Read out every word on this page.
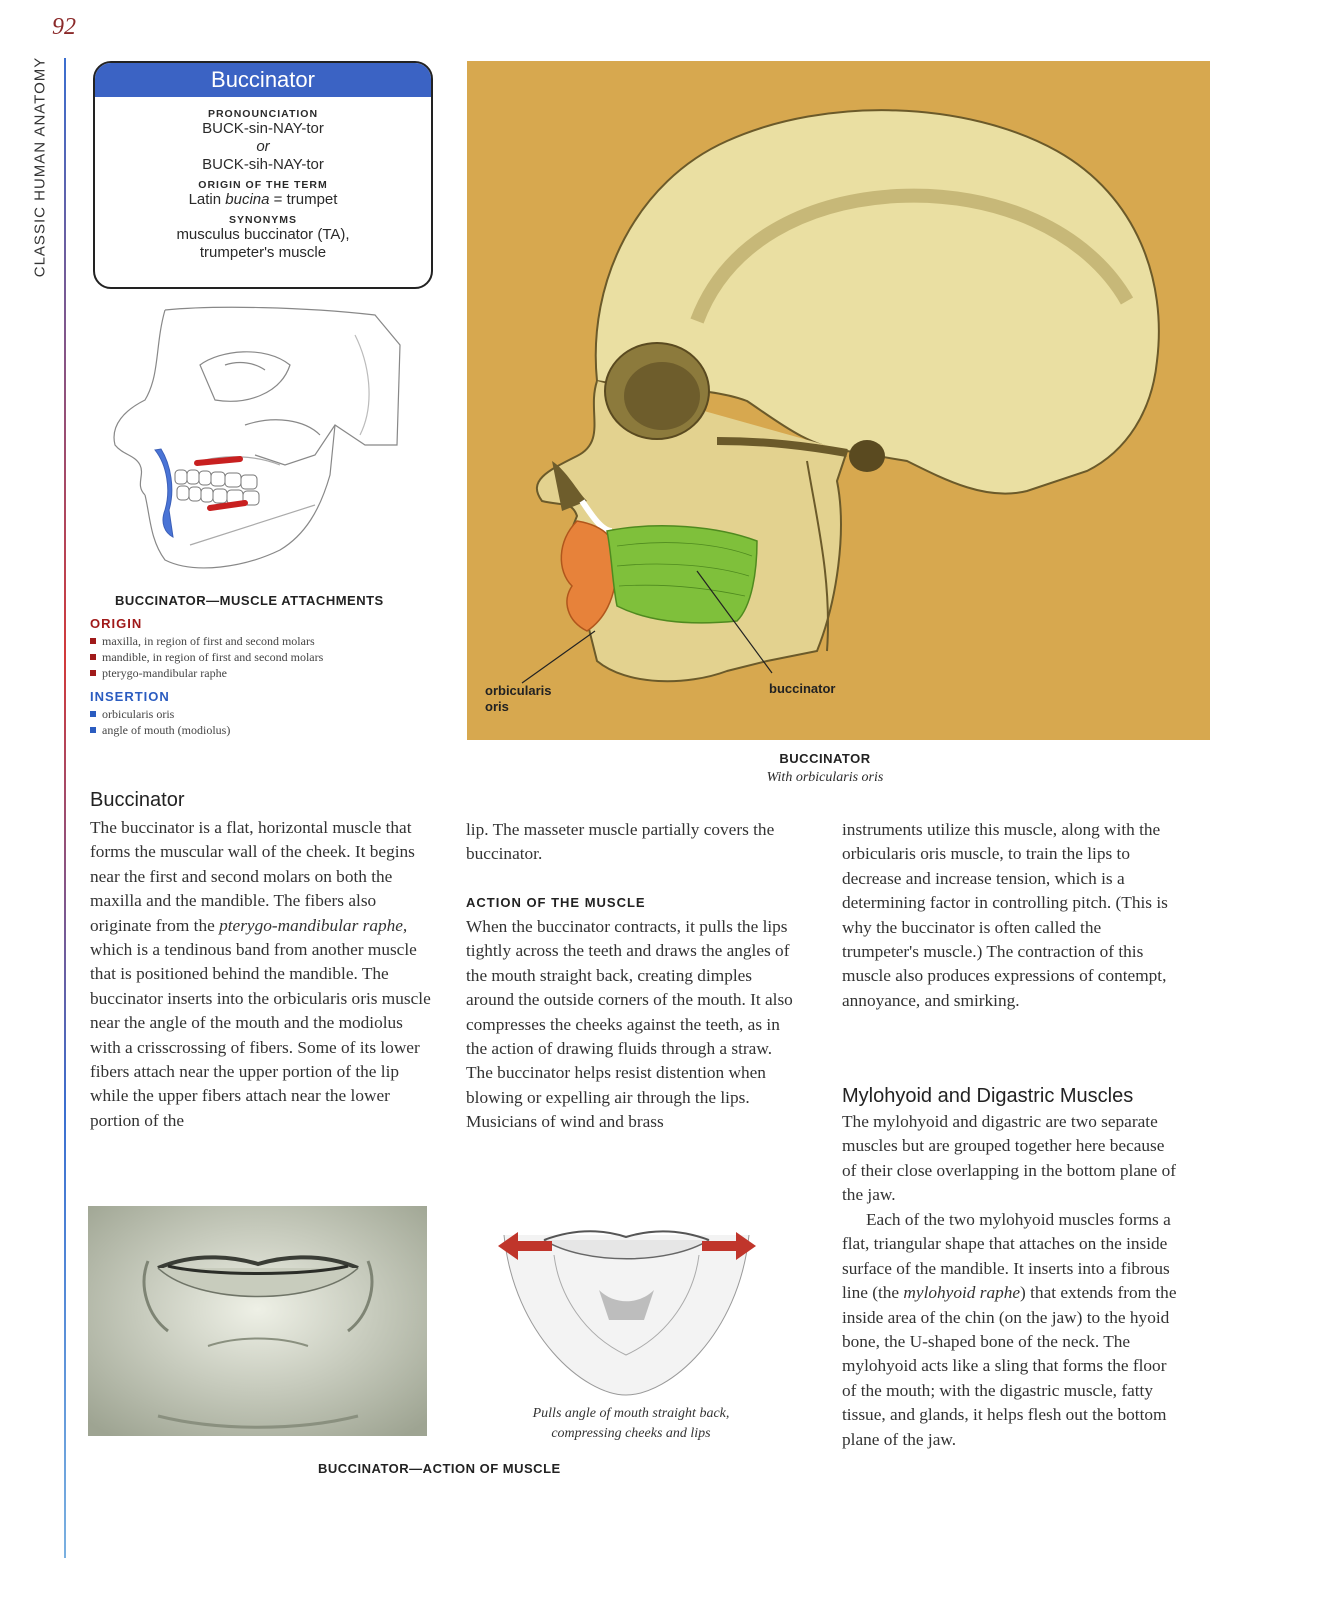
92
CLASSIC HUMAN ANATOMY	Buccinator
PRONOUNCIATION
BUCK-sin-NAY-tor
or
BUCK-sih-NAY-tor
ORIGIN OF THE TERM
Latin bucina = trumpet
SYNONYMS
musculus buccinator (TA),
trumpeter's muscle
BUCCINATOR—MUSCLE ATTACHMENTS
ORIGIN
maxilla, in region of first and second molars
mandible, in region of first and second molars
pterygo-mandibular raphe
INSERTION
orbicularis oris
angle of mouth (modiolus)
orbicularis
oris
buccinator
BUCCINATOR
With orbicularis oris
Buccinator
The buccinator is a flat, horizontal muscle that forms the muscular wall of the cheek. It begins near the first and second molars on both the maxilla and the mandible. The fibers also originate from the pterygo-mandibular raphe, which is a tendinous band from another muscle that is positioned behind the mandible. The buccinator inserts into the orbicularis oris muscle near the angle of the mouth and the modiolus with a crisscrossing of fibers. Some of its lower fibers attach near the upper portion of the lip while the upper fibers attach near the lower portion of the
lip. The masseter muscle partially covers the buccinator.
ACTION OF THE MUSCLE
When the buccinator contracts, it pulls the lips tightly across the teeth and draws the angles of the mouth straight back, creating dimples around the outside corners of the mouth. It also compresses the cheeks against the teeth, as in the action of drawing fluids through a straw. The buccinator helps resist distention when blowing or expelling air through the lips. Musicians of wind and brass
instruments utilize this muscle, along with the orbicularis oris muscle, to train the lips to decrease and increase tension, which is a determining factor in controlling pitch. (This is why the buccinator is often called the trumpeter's muscle.) The contraction of this muscle also produces expressions of contempt, annoyance, and smirking.
Mylohyoid and Digastric Muscles
The mylohyoid and digastric are two separate muscles but are grouped together here because of their close overlapping in the bottom plane of the jaw.
Each of the two mylohyoid muscles forms a flat, triangular shape that attaches on the inside surface of the mandible. It inserts into a fibrous line (the mylohyoid raphe) that extends from the inside area of the chin (on the jaw) to the hyoid bone, the U-shaped bone of the neck. The mylohyoid acts like a sling that forms the floor of the mouth; with the digastric muscle, fatty tissue, and glands, it helps flesh out the bottom plane of the jaw.
Pulls angle of mouth straight back,
compressing cheeks and lips
BUCCINATOR—ACTION OF MUSCLE
